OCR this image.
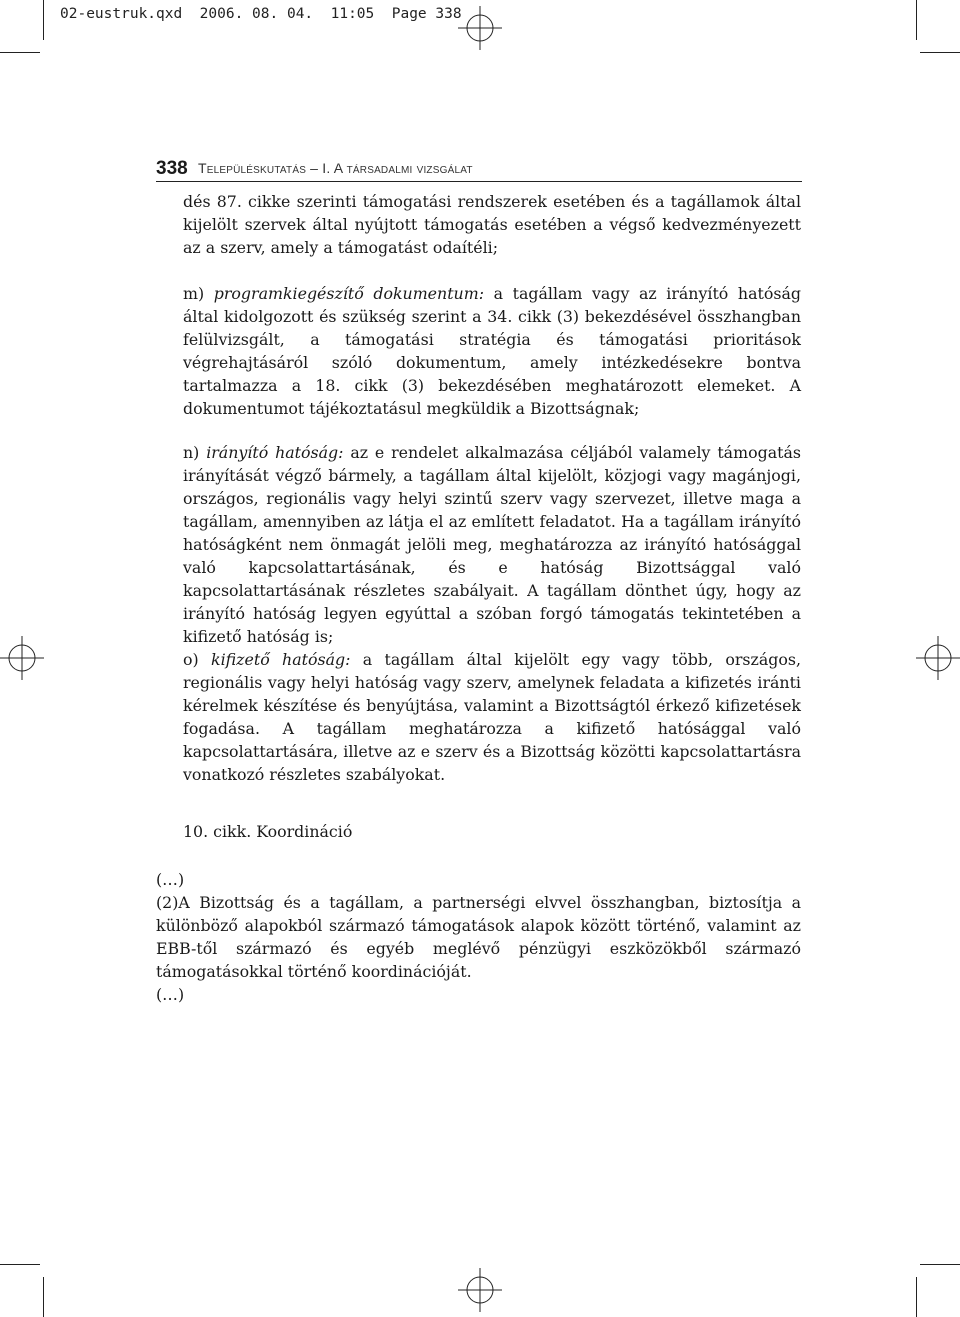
02-eustruk.qxd  2006. 08. 04.  11:05  Page 338
338 Településkutatás – I. A társadalmi vizsgálat

dés 87. cikke szerinti támogatási rendszerek esetében és a tagállamok által kijelölt szervek által nyújtott támogatás esetében a végső kedvezményezett az a szerv, amely a támogatást odaítéli;

m) programkiegészítő dokumentum: a tagállam vagy az irányító hatóság által kidolgozott és szükség szerint a 34. cikk (3) bekezdésével összhangban felülvizsgált, a támogatási stratégia és támogatási prioritások végrehajtásáról szóló dokumentum, amely intézkedésekre bontva tartalmazza a 18. cikk (3) bekezdésében meghatározott elemeket. A dokumentumot tájékoztatásul megküldik a Bizottságnak;

n) irányító hatóság: az e rendelet alkalmazása céljából valamely támogatás irányítását végző bármely, a tagállam által kijelölt, közjogi vagy magánjogi, országos, regionális vagy helyi szintű szerv vagy szervezet, illetve maga a tagállam, amennyiben az látja el az említett feladatot. Ha a tagállam irányító hatóságként nem önmagát jelöli meg, meghatározza az irányító hatósággal való kapcsolattartásának, és e hatóság Bizottsággal való kapcsolattartásának részletes szabályait. A tagállam dönthet úgy, hogy az irányító hatóság legyen egyúttal a szóban forgó támogatás tekintetében a kifizető hatóság is;

o) kifizető hatóság: a tagállam által kijelölt egy vagy több, országos, regionális vagy helyi hatóság vagy szerv, amelynek feladata a kifizetés iránti kérelmek készítése és benyújtása, valamint a Bizottságtól érkező kifizetések fogadása. A tagállam meghatározza a kifizető hatósággal való kapcsolattartására, illetve az e szerv és a Bizottság közötti kapcsolattartásra vonatkozó részletes szabályokat.

10. cikk. Koordináció
(…)

(2)A Bizottság és a tagállam, a partnerségi elvvel összhangban, biztosítja a különböző alapokból származó támogatások alapok között történő, valamint az EBB-től származó és egyéb meglévő pénzügyi eszközökből származó támogatásokkal történő koordinációját.

(…)
